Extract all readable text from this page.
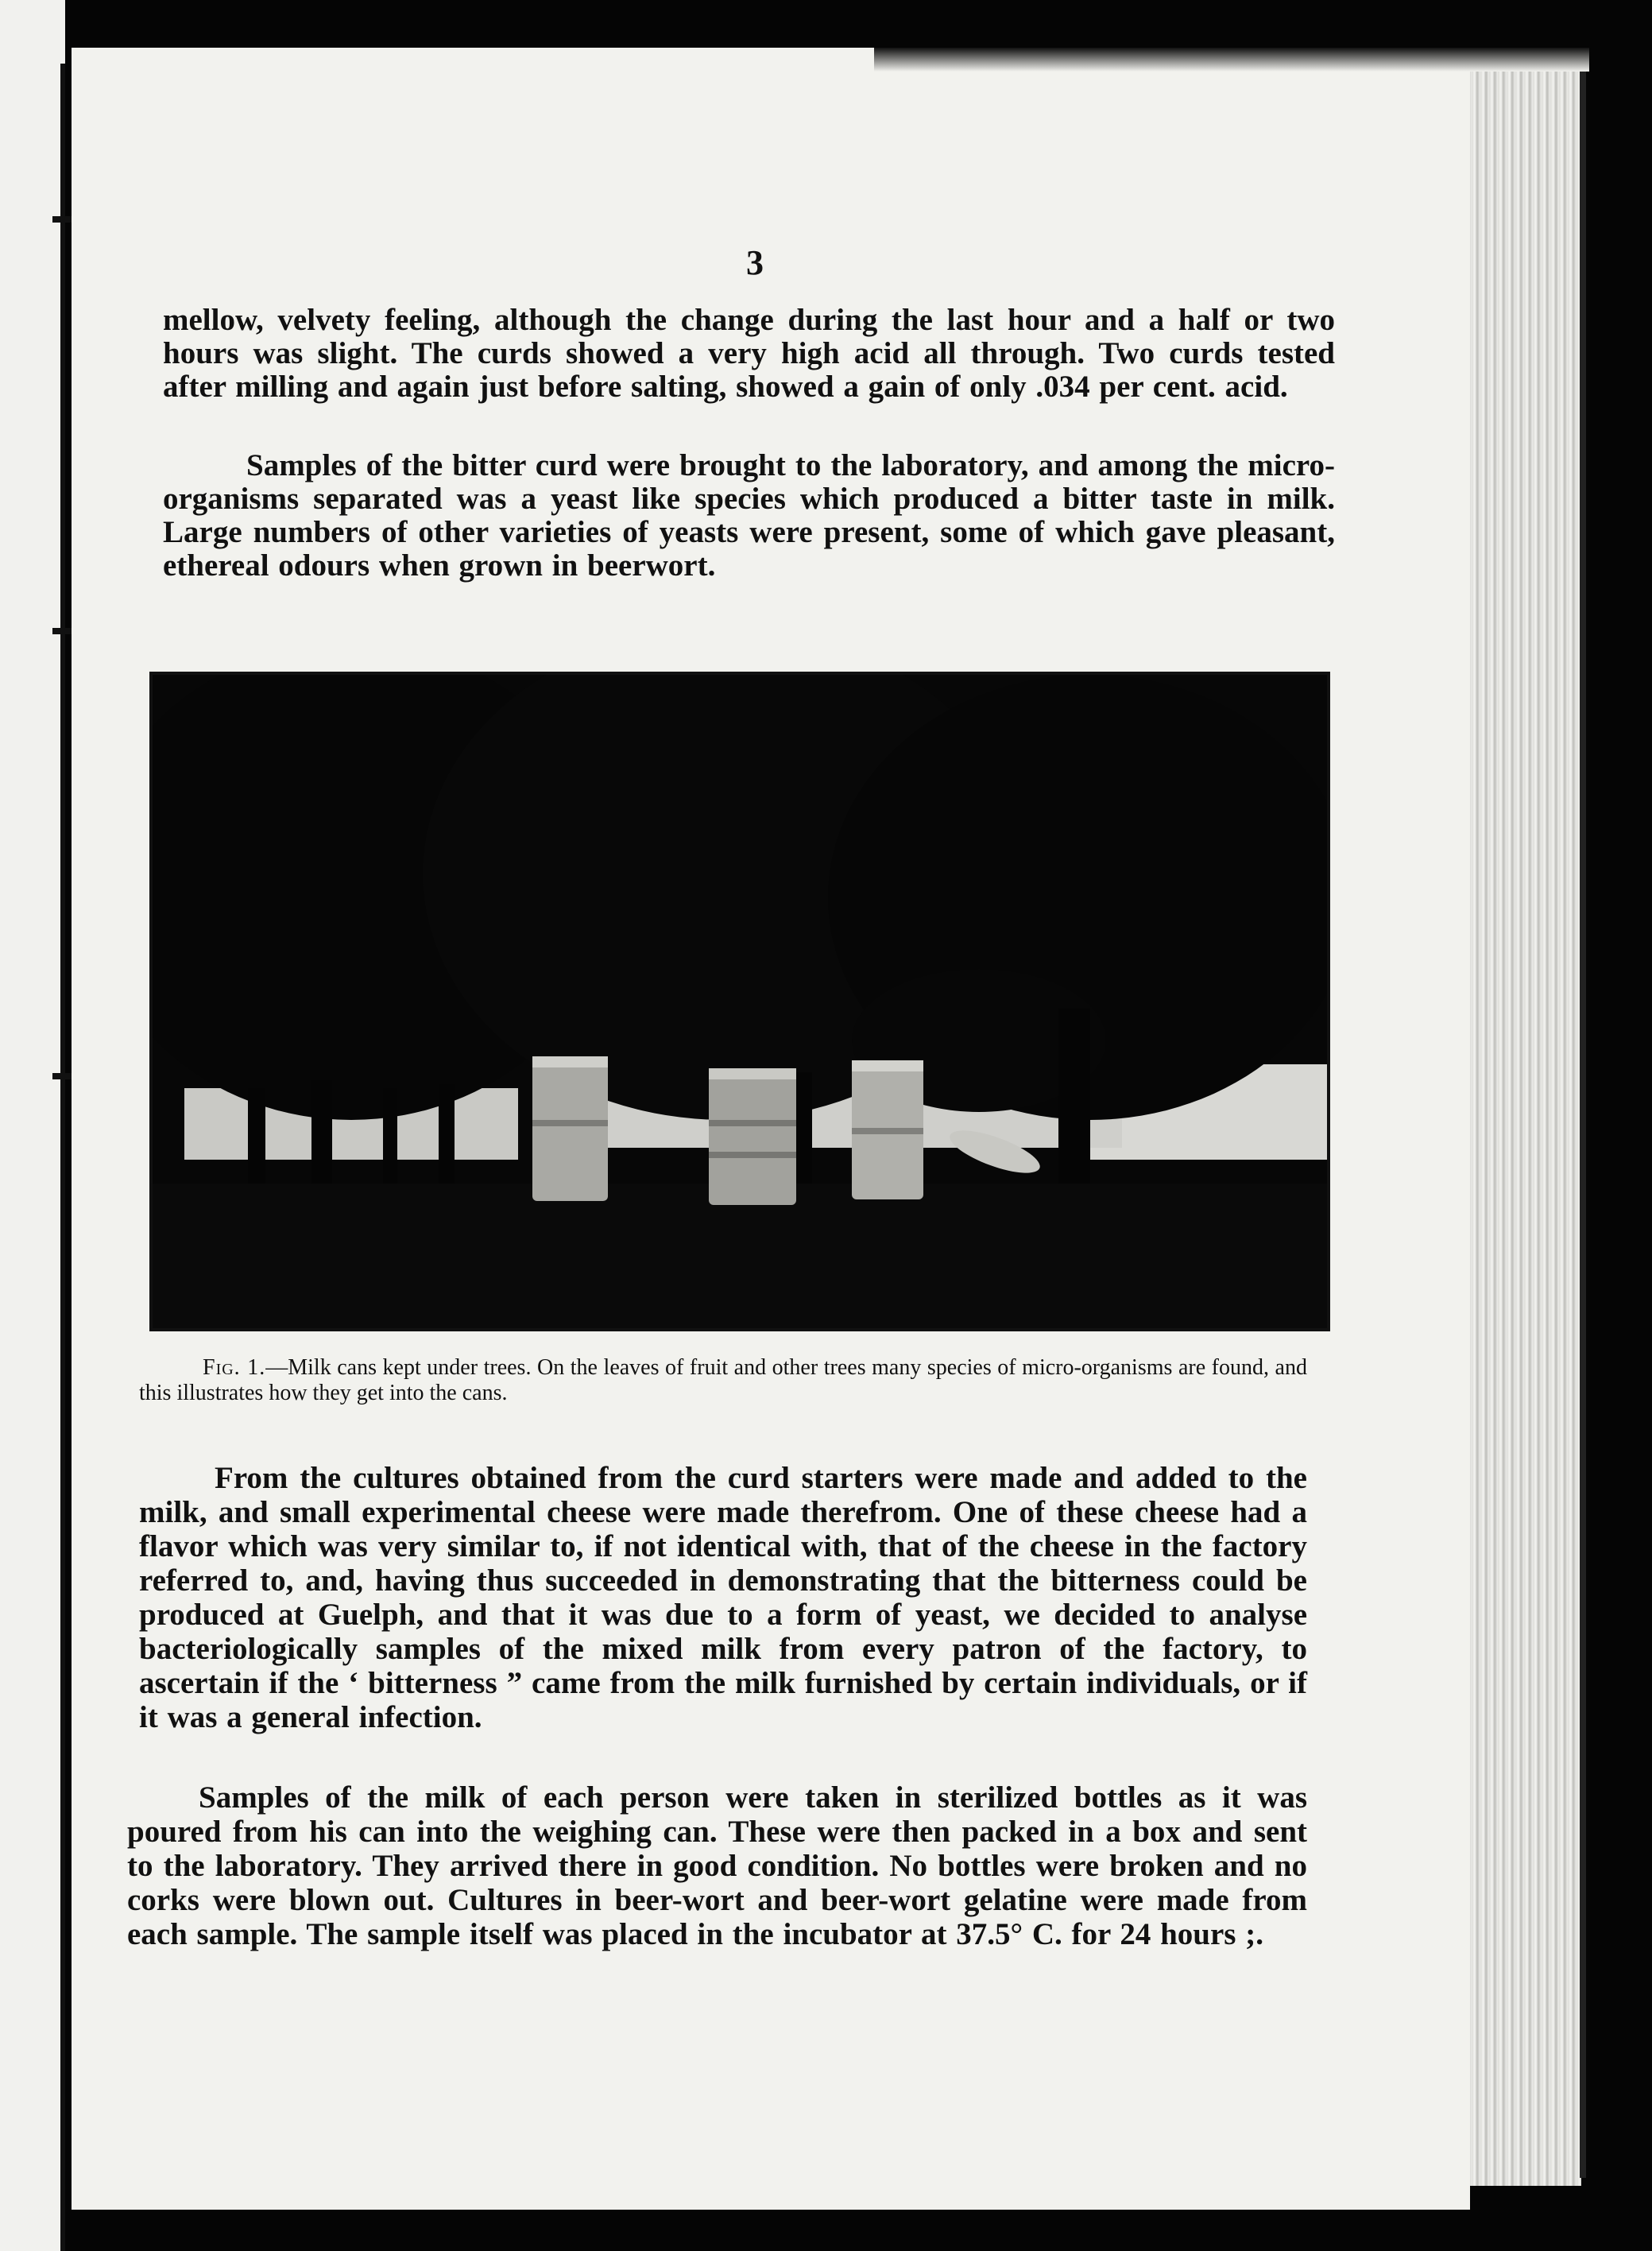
3

mellow, velvety feeling, although the change during the last hour and a half or two hours was slight. The curds showed a very high acid all through. Two curds tested after milling and again just before salting, showed a gain of only .034 per cent. acid.

Samples of the bitter curd were brought to the laboratory, and among the micro-organisms separated was a yeast like species which produced a bitter taste in milk. Large numbers of other varieties of yeasts were present, some of which gave pleasant, ethereal odours when grown in beerwort.

Fig. 1.—Milk cans kept under trees. On the leaves of fruit and other trees many species of micro-organisms are found, and this illustrates how they get into the cans.

From the cultures obtained from the curd starters were made and added to the milk, and small experimental cheese were made therefrom. One of these cheese had a flavor which was very similar to, if not identical with, that of the cheese in the factory referred to, and, having thus succeeded in demonstrating that the bitterness could be produced at Guelph, and that it was due to a form of yeast, we decided to analyse bacteriologically samples of the mixed milk from every patron of the factory, to ascertain if the ‘ bitterness ” came from the milk furnished by certain individuals, or if it was a general infection.

Samples of the milk of each person were taken in sterilized bottles as it was poured from his can into the weighing can. These were then packed in a box and sent to the laboratory. They arrived there in good condition. No bottles were broken and no corks were blown out. Cultures in beer-wort and beer-wort gelatine were made from each sample. The sample itself was placed in the incubator at 37.5° C. for 24 hours ;.
